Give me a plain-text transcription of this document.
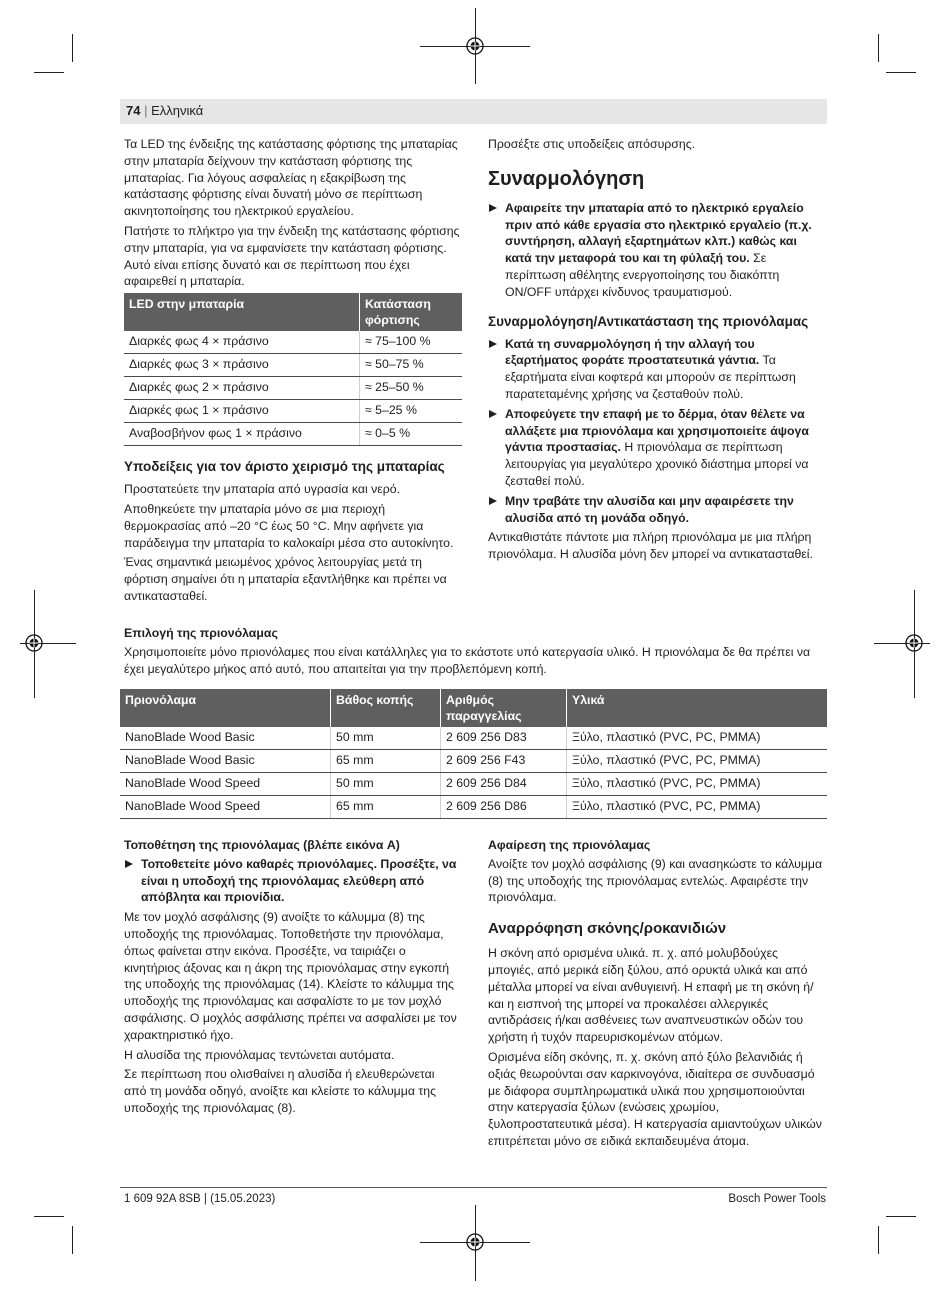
74 | Ελληνικά

Τα LED της ένδειξης της κατάστασης φόρτισης της μπαταρίας στην μπαταρία δείχνουν την κατάσταση φόρτισης της μπαταρίας. Για λόγους ασφαλείας η εξακρίβωση της κατάστασης φόρτισης είναι δυνατή μόνο σε περίπτωση ακινητοποίησης του ηλεκτρικού εργαλείου.

Πατήστε το πλήκτρο για την ένδειξη της κατάστασης φόρτισης στην μπαταρία, για να εμφανίσετε την κατάσταση φόρτισης. Αυτό είναι επίσης δυνατό και σε περίπτωση που έχει αφαιρεθεί η μπαταρία.

LED στην μπαταρία	Κατάσταση φόρτισης
Διαρκές φως 4 × πράσινο	≈ 75–100 %
Διαρκές φως 3 × πράσινο	≈ 50–75 %
Διαρκές φως 2 × πράσινο	≈ 25–50 %
Διαρκές φως 1 × πράσινο	≈ 5–25 %
Αναβοσβήνον φως 1 × πράσινο	≈ 0–5 %
Υποδείξεις για τον άριστο χειρισμό της μπαταρίας

Προστατεύετε την μπαταρία από υγρασία και νερό.

Αποθηκεύετε την μπαταρία μόνο σε μια περιοχή θερμοκρασίας από –20 °C έως 50 °C. Μην αφήνετε για παράδειγμα την μπαταρία το καλοκαίρι μέσα στο αυτοκίνητο.

Ένας σημαντικά μειωμένος χρόνος λειτουργίας μετά τη φόρτιση σημαίνει ότι η μπαταρία εξαντλήθηκε και πρέπει να αντικατασταθεί.

Προσέξτε στις υποδείξεις απόσυρσης.

Συναρμολόγηση
Αφαιρείτε την μπαταρία από το ηλεκτρικό εργαλείο πριν από κάθε εργασία στο ηλεκτρικό εργαλείο (π.χ. συντήρηση, αλλαγή εξαρτημάτων κλπ.) καθώς και κατά την μεταφορά του και τη φύλαξή του. Σε περίπτωση αθέλητης ενεργοποίησης του διακόπτη ON/OFF υπάρχει κίνδυνος τραυματισμού.
Συναρμολόγηση/Αντικατάσταση της πριονόλαμας
Κατά τη συναρμολόγηση ή την αλλαγή του εξαρτήματος φοράτε προστατευτικά γάντια. Τα εξαρτήματα είναι κοφτερά και μπορούν σε περίπτωση παρατεταμένης χρήσης να ζεσταθούν πολύ.
Αποφεύγετε την επαφή με το δέρμα, όταν θέλετε να αλλάξετε μια πριονόλαμα και χρησιμοποιείτε άψογα γάντια προστασίας. Η πριονόλαμα σε περίπτωση λειτουργίας για μεγαλύτερο χρονικό διάστημα μπορεί να ζεσταθεί πολύ.
Μην τραβάτε την αλυσίδα και μην αφαιρέσετε την αλυσίδα από τη μονάδα οδηγό.

Αντικαθιστάτε πάντοτε μια πλήρη πριονόλαμα με μια πλήρη πριονόλαμα. Η αλυσίδα μόνη δεν μπορεί να αντικατασταθεί.

Επιλογή της πριονόλαμας

Χρησιμοποιείτε μόνο πριονόλαμες που είναι κατάλληλες για το εκάστοτε υπό κατεργασία υλικό. Η πριονόλαμα δε θα πρέπει να έχει μεγαλύτερο μήκος από αυτό, που απαιτείται για την προβλεπόμενη κοπή.

Πριονόλαμα	Βάθος κοπής	Αριθμός παραγγελίας	Υλικά
NanoBlade Wood Basic	50 mm	2 609 256 D83	Ξύλο, πλαστικό (PVC, PC, PMMA)
NanoBlade Wood Basic	65 mm	2 609 256 F43	Ξύλο, πλαστικό (PVC, PC, PMMA)
NanoBlade Wood Speed	50 mm	2 609 256 D84	Ξύλο, πλαστικό (PVC, PC, PMMA)
NanoBlade Wood Speed	65 mm	2 609 256 D86	Ξύλο, πλαστικό (PVC, PC, PMMA)
Τοποθέτηση της πριονόλαμας (βλέπε εικόνα A)
Τοποθετείτε μόνο καθαρές πριονόλαμες. Προσέξτε, να είναι η υποδοχή της πριονόλαμας ελεύθερη από απόβλητα και πριονίδια.

Με τον μοχλό ασφάλισης (9) ανοίξτε το κάλυμμα (8) της υποδοχής της πριονόλαμας. Τοποθετήστε την πριονόλαμα, όπως φαίνεται στην εικόνα. Προσέξτε, να ταιριάζει ο κινητήριος άξονας και η άκρη της πριονόλαμας στην εγκοπή της υποδοχής της πριονόλαμας (14). Κλείστε το κάλυμμα της υποδοχής της πριονόλαμας και ασφαλίστε το με τον μοχλό ασφάλισης. Ο μοχλός ασφάλισης πρέπει να ασφαλίσει με τον χαρακτηριστικό ήχο.

Η αλυσίδα της πριονόλαμας τεντώνεται αυτόματα.

Σε περίπτωση που ολισθαίνει η αλυσίδα ή ελευθερώνεται από τη μονάδα οδηγό, ανοίξτε και κλείστε το κάλυμμα της υποδοχής της πριονόλαμας (8).

Αφαίρεση της πριονόλαμας

Ανοίξτε τον μοχλό ασφάλισης (9) και ανασηκώστε το κάλυμμα (8) της υποδοχής της πριονόλαμας εντελώς. Αφαιρέστε την πριονόλαμα.

Αναρρόφηση σκόνης/ροκανιδιών

Η σκόνη από ορισμένα υλικά. π. χ. από μολυβδούχες μπογιές, από μερικά είδη ξύλου, από ορυκτά υλικά και από μέταλλα μπορεί να είναι ανθυγιεινή. Η επαφή με τη σκόνη ή/και η εισπνοή της μπορεί να προκαλέσει αλλεργικές αντιδράσεις ή/και ασθένειες των αναπνευστικών οδών του χρήστη ή τυχόν παρευρισκομένων ατόμων.

Ορισμένα είδη σκόνης, π. χ. σκόνη από ξύλο βελανιδιάς ή οξιάς θεωρούνται σαν καρκινογόνα, ιδιαίτερα σε συνδυασμό με διάφορα συμπληρωματικά υλικά που χρησιμοποιούνται στην κατεργασία ξύλων (ενώσεις χρωμίου, ξυλοπροστατευτικά μέσα). Η κατεργασία αμιαντούχων υλικών επιτρέπεται μόνο σε ειδικά εκπαιδευμένα άτομα.

1 609 92A 8SB | (15.05.2023)	Bosch Power Tools
